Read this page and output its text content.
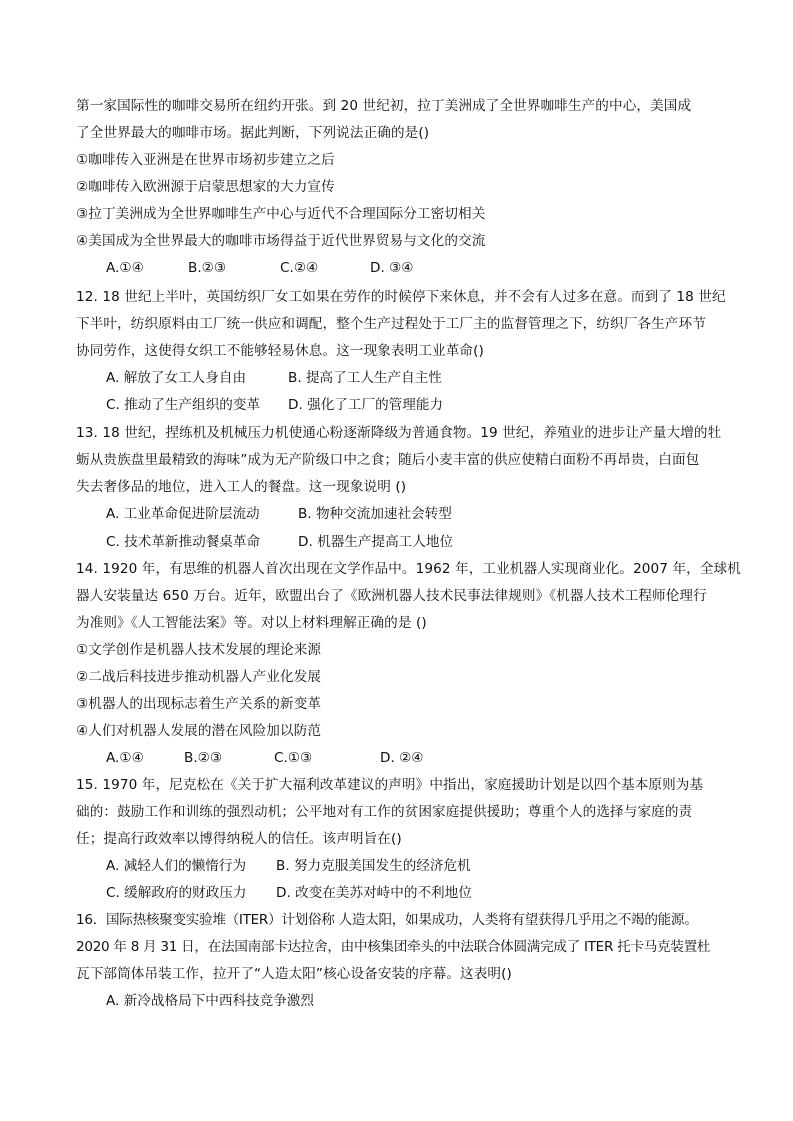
第一家国际性的咖啡交易所在纽约开张。到 20 世纪初，拉丁美洲成了全世界咖啡生产的中心，美国成
了全世界最大的咖啡市场。据此判断，下列说法正确的是()
①咖啡传入亚洲是在世界市场初步建立之后
②咖啡传入欧洲源于启蒙思想家的大力宣传
③拉丁美洲成为全世界咖啡生产中心与近代不合理国际分工密切相关
④美国成为全世界最大的咖啡市场得益于近代世界贸易与文化的交流
A.①④	B.②③	C.②④	D. ③④
12. 18 世纪上半叶，英国纺织厂女工如果在劳作的时候停下来休息，并不会有人过多在意。而到了 18 世纪
下半叶，纺织原料由工厂统一供应和调配，整个生产过程处于工厂主的监督管理之下，纺织厂各生产环节
协同劳作，这使得女织工不能够轻易休息。这一现象表明工业革命()
A. 解放了女工人身自由	B. 提高了工人生产自主性
C. 推动了生产组织的变革 D. 强化了工厂的管理能力
13. 18 世纪，捏练机及机械压力机使通心粉逐渐降级为普通食物。19 世纪，养殖业的进步让产量大增的牡
蛎从贵族盘里最精致的海味”成为无产阶级口中之食；随后小麦丰富的供应使精白面粉不再昂贵，白面包
失去奢侈品的地位，进入工人的餐盘。这一现象说明 ()
A. 工业革命促进阶层流动	B. 物种交流加速社会转型
C. 技术革新推动餐桌革命	D. 机器生产提高工人地位
14. 1920 年，有思维的机器人首次出现在文学作品中。1962 年，工业机器人实现商业化。2007 年，全球机
器人安装量达 650 万台。近年，欧盟出台了《欧洲机器人技术民事法律规则》《机器人技术工程师伦理行
为准则》《人工智能法案》等。对以上材料理解正确的是 ()
①文学创作是机器人技术发展的理论来源
②二战后科技进步推动机器人产业化发展
③机器人的出现标志着生产关系的新变革
④人们对机器人发展的潜在风险加以防范
A.①④	B.②③	C.①③	D. ②④
15. 1970 年，尼克松在《关于扩大福利改革建议的声明》中指出，家庭援助计划是以四个基本原则为基
础的：鼓励工作和训练的强烈动机；公平地对有工作的贫困家庭提供援助；尊重个人的选择与家庭的责
任；提高行政效率以博得纳税人的信任。该声明旨在()
A. 减轻人们的懒惰行为 B. 努力克服美国发生的经济危机
C. 缓解政府的财政压力 D. 改变在美苏对峙中的不利地位
16．国际热核聚变实验堆（ITER）计划俗称 人造太阳，如果成功，人类将有望获得几乎用之不竭的能源。
2020 年 8 月 31 日，在法国南部卡达拉舍，由中核集团牵头的中法联合体圆满完成了 ITER 托卡马克装置杜
瓦下部筒体吊装工作，拉开了“人造太阳”核心设备安装的序幕。这表明()
A. 新冷战格局下中西科技竞争激烈
